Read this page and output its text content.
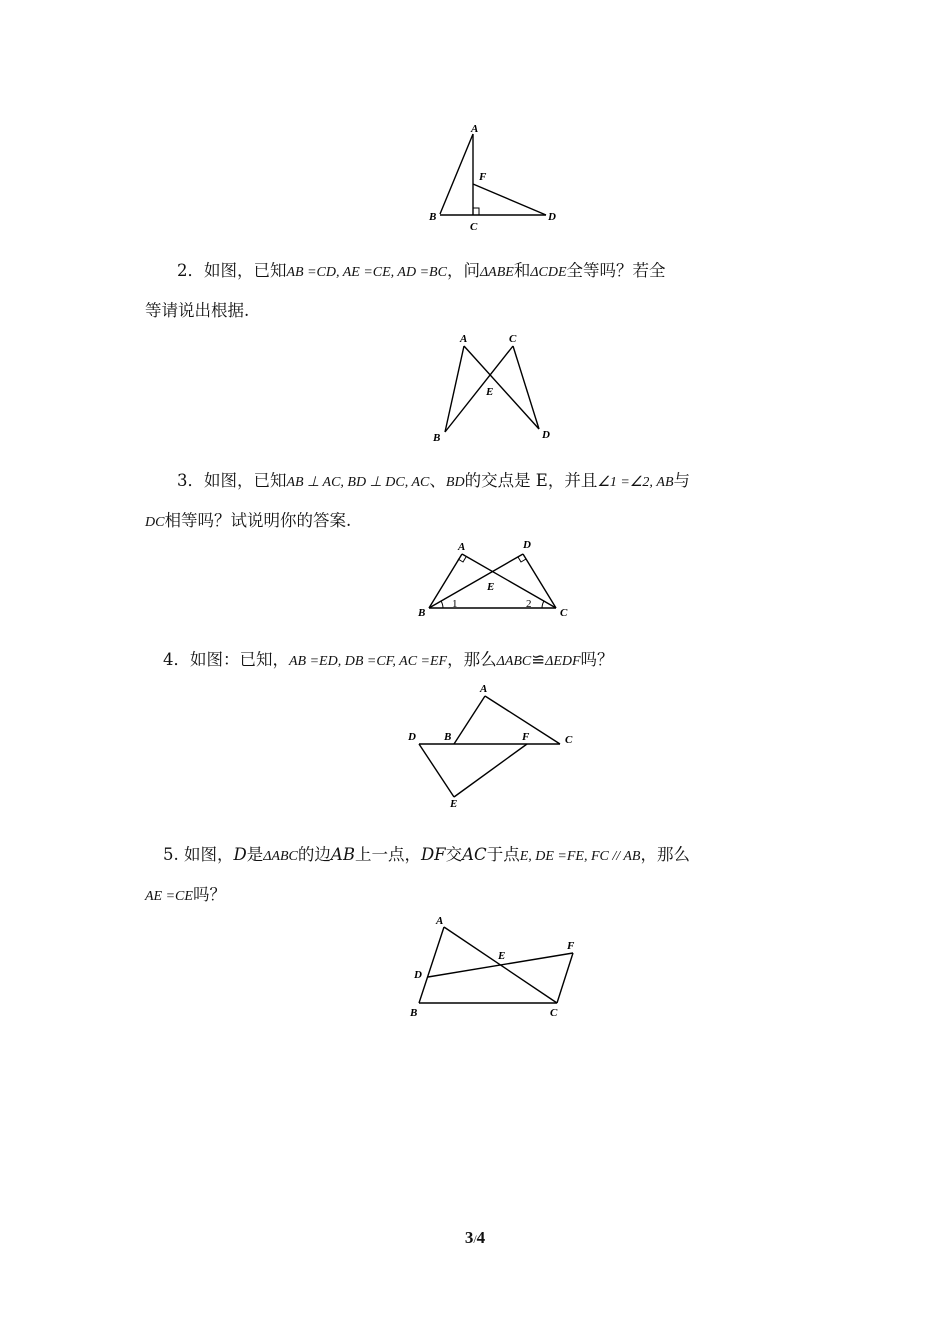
A
F
B
C
D
2．如图，已知AB =CD, AE =CE, AD =BC，问ΔABE和ΔCDE全等吗？若全
等请说出根据.
A	C
E
B	D
3．如图，已知AB ⊥ AC, BD ⊥ DC, AC、BD的交点是 E，并且∠1 =∠2, AB与
DC相等吗？试说明你的答案.
A	D
E
B	C
1	2
4．如图：已知，AB =ED, DB =CF, AC =EF，那么ΔABC≌ΔEDF吗？
A
D	B	F	C
E
5. 如图，D是ΔABC的边AB上一点，DF交AC于点E, DE =FE, FC // AB，那么
AE =CE吗？
A
F
E
D
B	C
3/4
